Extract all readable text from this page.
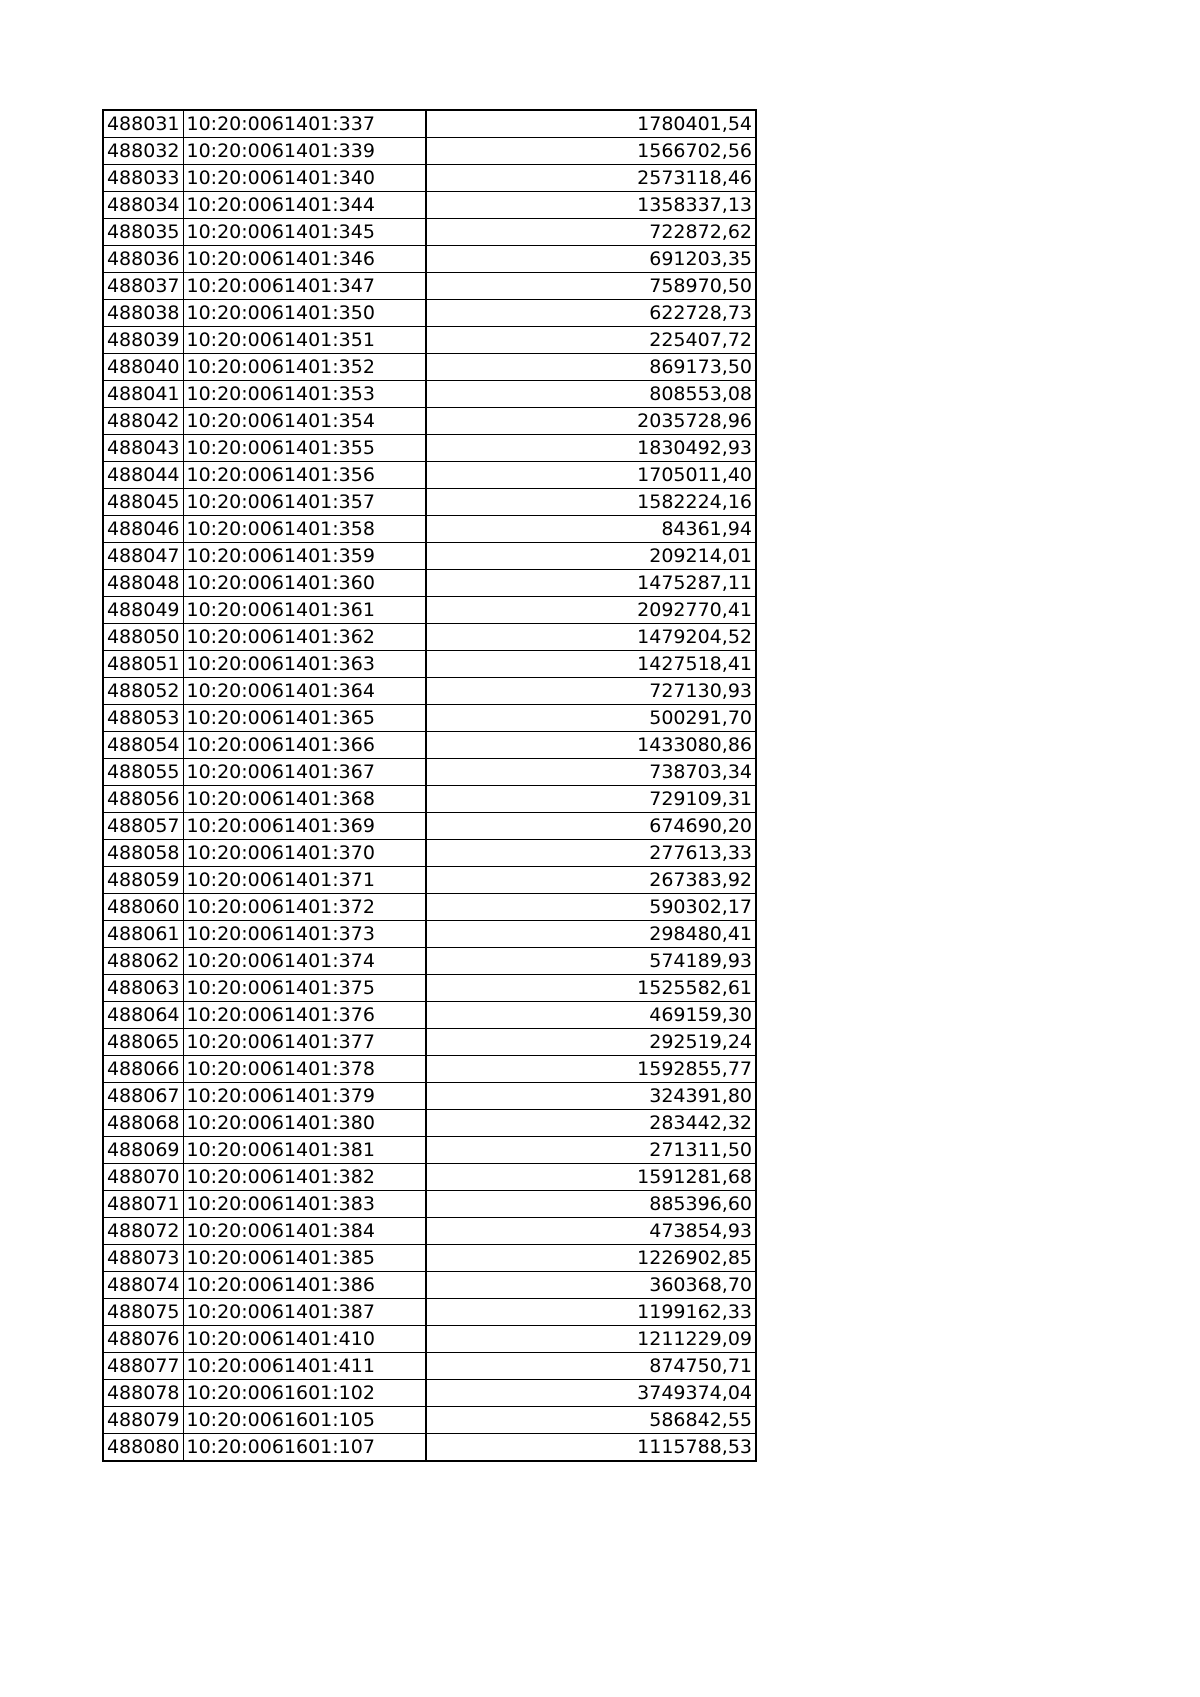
488031	10:20:0061401:337	1780401,54
488032	10:20:0061401:339	1566702,56
488033	10:20:0061401:340	2573118,46
488034	10:20:0061401:344	1358337,13
488035	10:20:0061401:345	722872,62
488036	10:20:0061401:346	691203,35
488037	10:20:0061401:347	758970,50
488038	10:20:0061401:350	622728,73
488039	10:20:0061401:351	225407,72
488040	10:20:0061401:352	869173,50
488041	10:20:0061401:353	808553,08
488042	10:20:0061401:354	2035728,96
488043	10:20:0061401:355	1830492,93
488044	10:20:0061401:356	1705011,40
488045	10:20:0061401:357	1582224,16
488046	10:20:0061401:358	84361,94
488047	10:20:0061401:359	209214,01
488048	10:20:0061401:360	1475287,11
488049	10:20:0061401:361	2092770,41
488050	10:20:0061401:362	1479204,52
488051	10:20:0061401:363	1427518,41
488052	10:20:0061401:364	727130,93
488053	10:20:0061401:365	500291,70
488054	10:20:0061401:366	1433080,86
488055	10:20:0061401:367	738703,34
488056	10:20:0061401:368	729109,31
488057	10:20:0061401:369	674690,20
488058	10:20:0061401:370	277613,33
488059	10:20:0061401:371	267383,92
488060	10:20:0061401:372	590302,17
488061	10:20:0061401:373	298480,41
488062	10:20:0061401:374	574189,93
488063	10:20:0061401:375	1525582,61
488064	10:20:0061401:376	469159,30
488065	10:20:0061401:377	292519,24
488066	10:20:0061401:378	1592855,77
488067	10:20:0061401:379	324391,80
488068	10:20:0061401:380	283442,32
488069	10:20:0061401:381	271311,50
488070	10:20:0061401:382	1591281,68
488071	10:20:0061401:383	885396,60
488072	10:20:0061401:384	473854,93
488073	10:20:0061401:385	1226902,85
488074	10:20:0061401:386	360368,70
488075	10:20:0061401:387	1199162,33
488076	10:20:0061401:410	1211229,09
488077	10:20:0061401:411	874750,71
488078	10:20:0061601:102	3749374,04
488079	10:20:0061601:105	586842,55
488080	10:20:0061601:107	1115788,53
